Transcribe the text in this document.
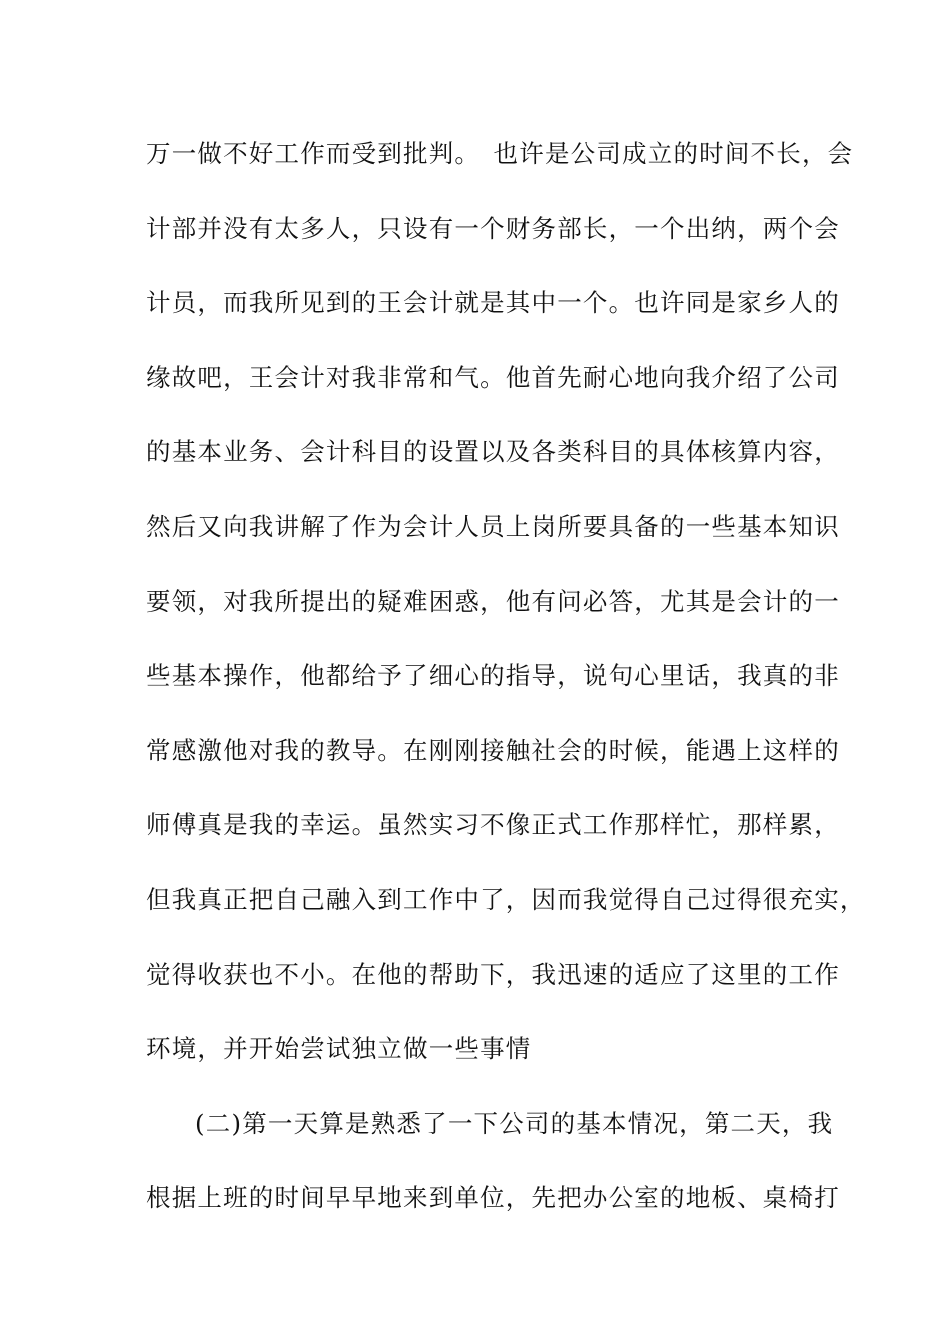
万一做不好工作而受到批判。　也许是公司成立的时间不长，会
计部并没有太多人，只设有一个财务部长，一个出纳，两个会
计员，而我所见到的王会计就是其中一个。也许同是家乡人的
缘故吧，王会计对我非常和气。他首先耐心地向我介绍了公司
的基本业务、会计科目的设置以及各类科目的具体核算内容，
然后又向我讲解了作为会计人员上岗所要具备的一些基本知识
要领，对我所提出的疑难困惑，他有问必答，尤其是会计的一
些基本操作，他都给予了细心的指导，说句心里话，我真的非
常感激他对我的教导。在刚刚接触社会的时候，能遇上这样的
师傅真是我的幸运。虽然实习不像正式工作那样忙，那样累，
但我真正把自己融入到工作中了，因而我觉得自己过得很充实，
觉得收获也不小。在他的帮助下，我迅速的适应了这里的工作
环境，并开始尝试独立做一些事情
(二)第一天算是熟悉了一下公司的基本情况，第二天，我
根据上班的时间早早地来到单位，先把办公室的地板、桌椅打
